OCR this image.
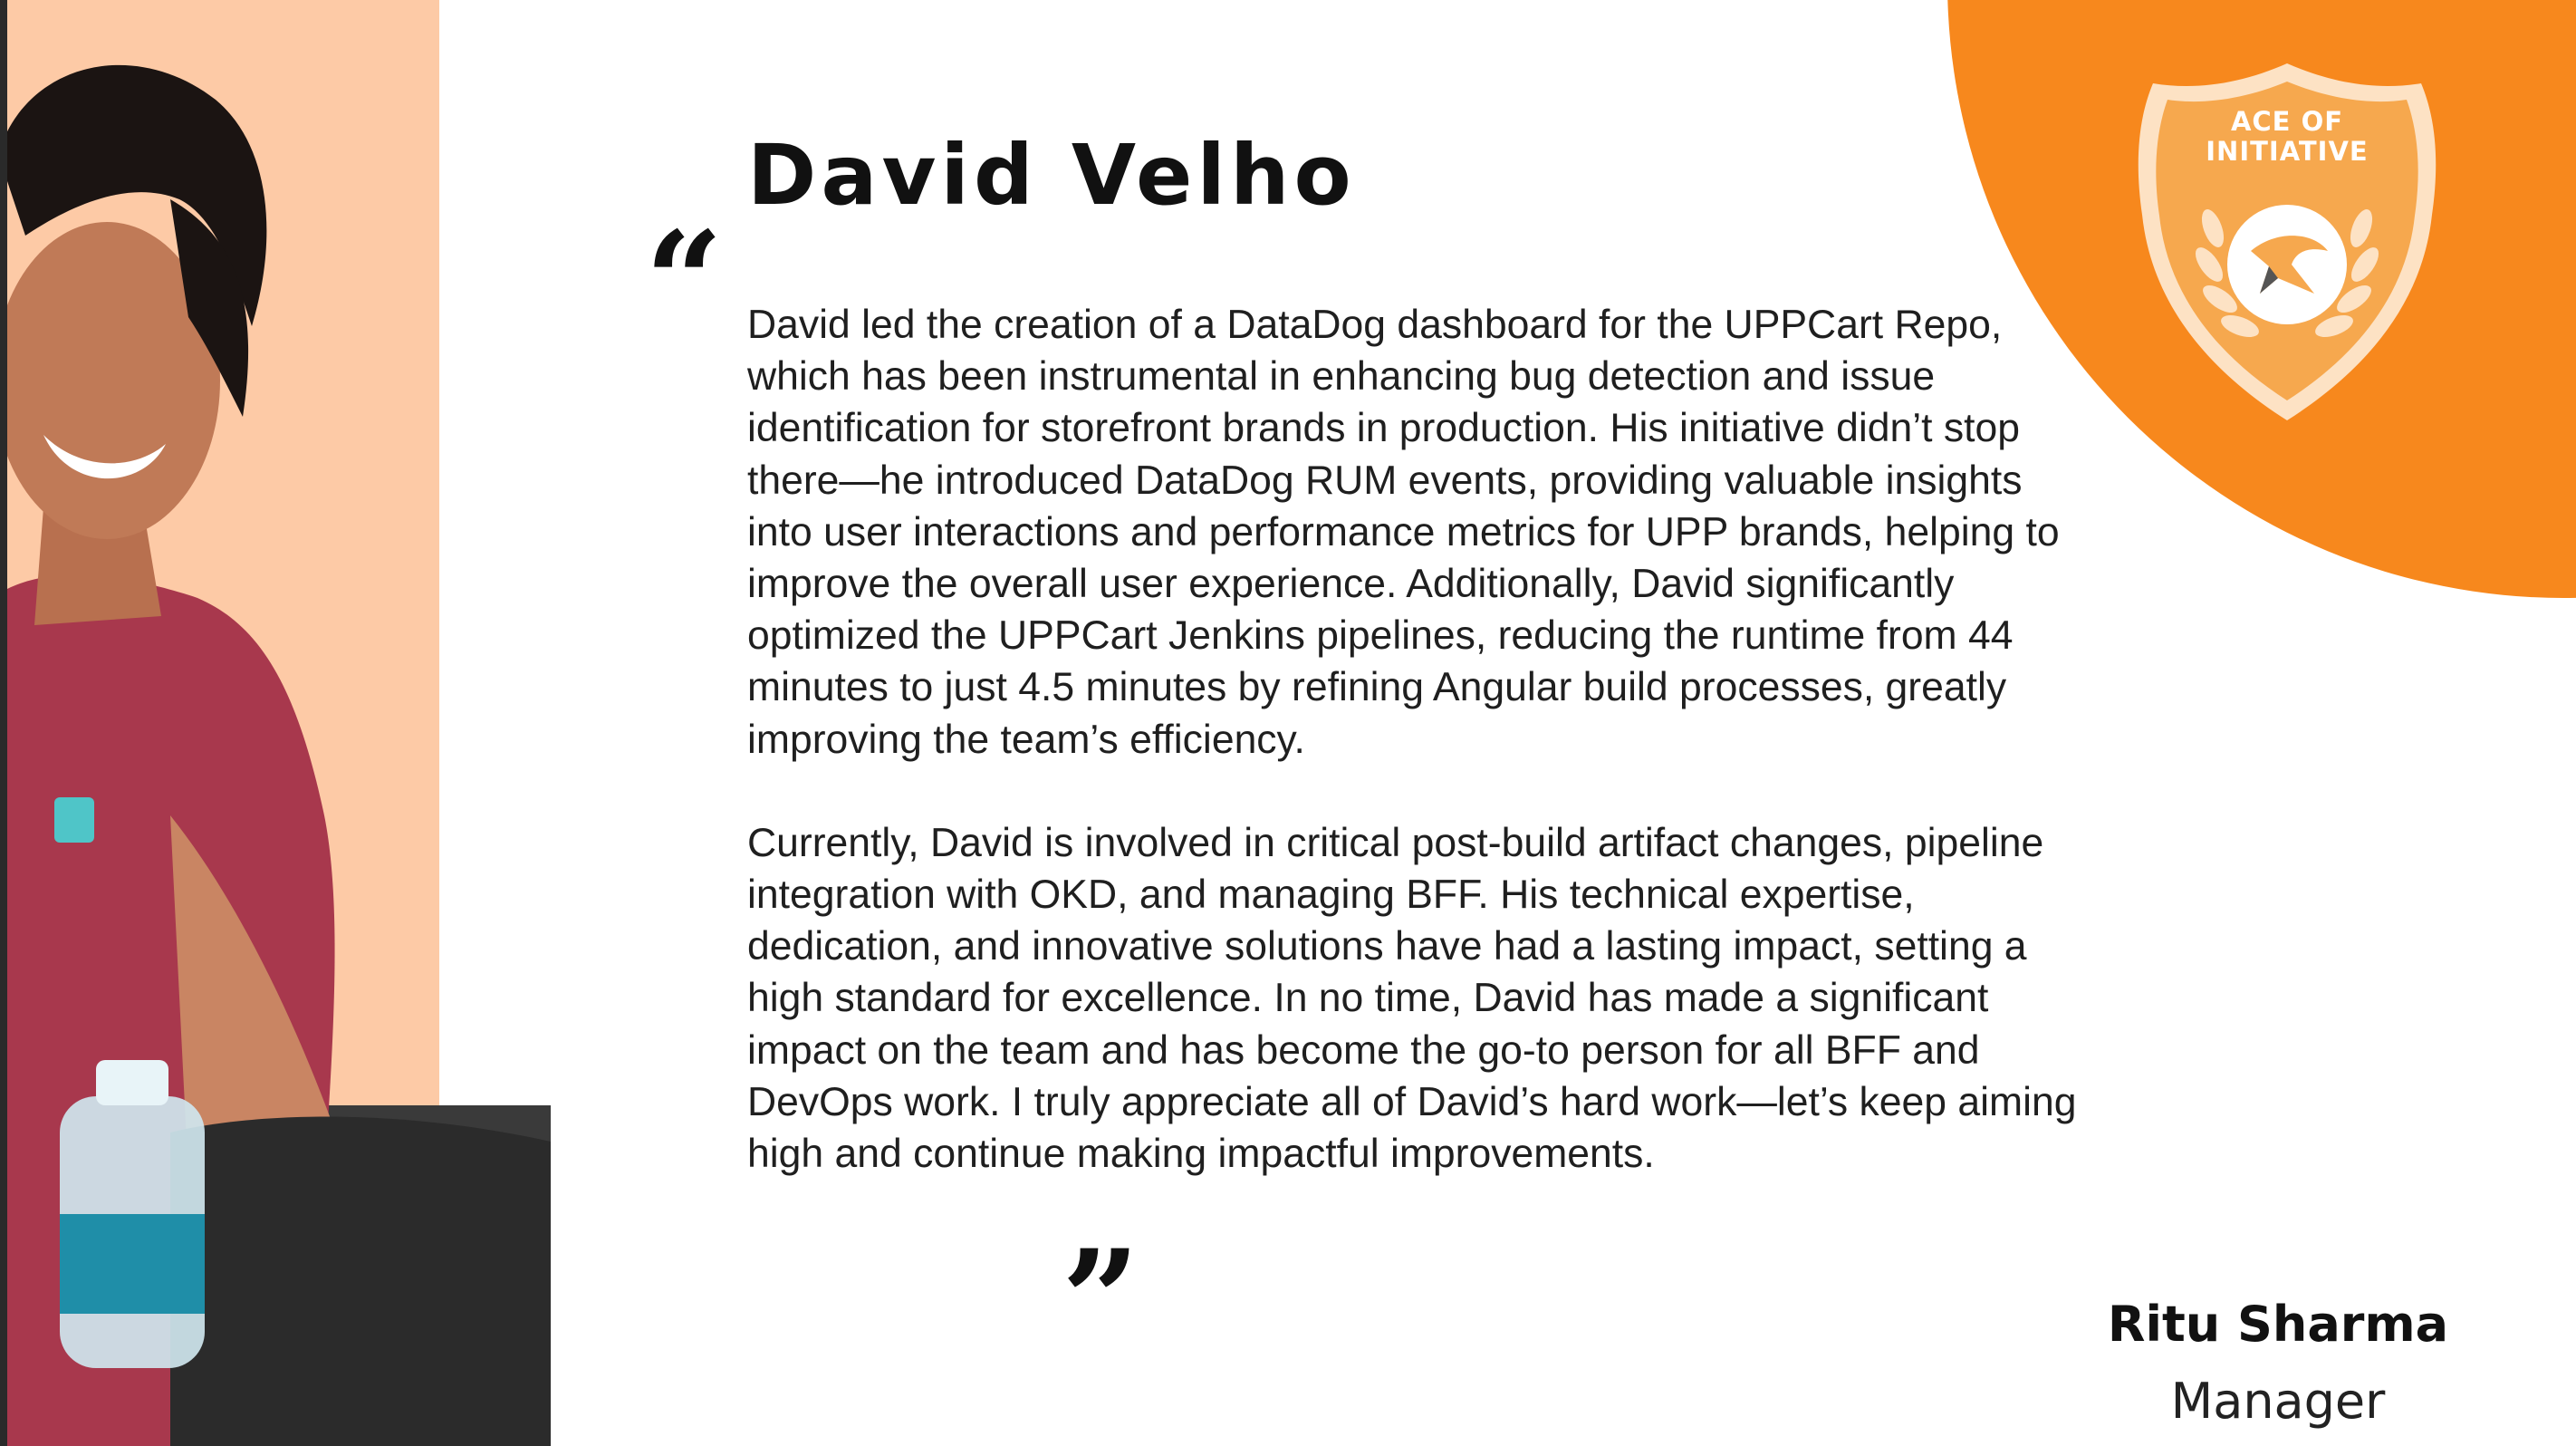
ACE OF
INITIATIVE
David Velho
“ David led the creation of a DataDog dashboard for the UPPCart Repo, which has been instrumental in enhancing bug detection and issue identification for storefront brands in production. His initiative didn’t stop there—he introduced DataDog RUM events, providing valuable insights into user interactions and performance metrics for UPP brands, helping to improve the overall user experience. Additionally, David significantly optimized the UPPCart Jenkins pipelines, reducing the runtime from 44 minutes to just 4.5 minutes by refining Angular build processes, greatly improving the team’s efficiency.

Currently, David is involved in critical post-build artifact changes, pipeline integration with OKD, and managing BFF. His technical expertise, dedication, and innovative solutions have had a lasting impact, setting a high standard for excellence. In no time, David has made a significant impact on the team and has become the go-to person for all BFF and DevOps work. I truly appreciate all of David’s hard work—let’s keep aiming high and continue making impactful improvements.

”	Ritu Sharma
Manager
